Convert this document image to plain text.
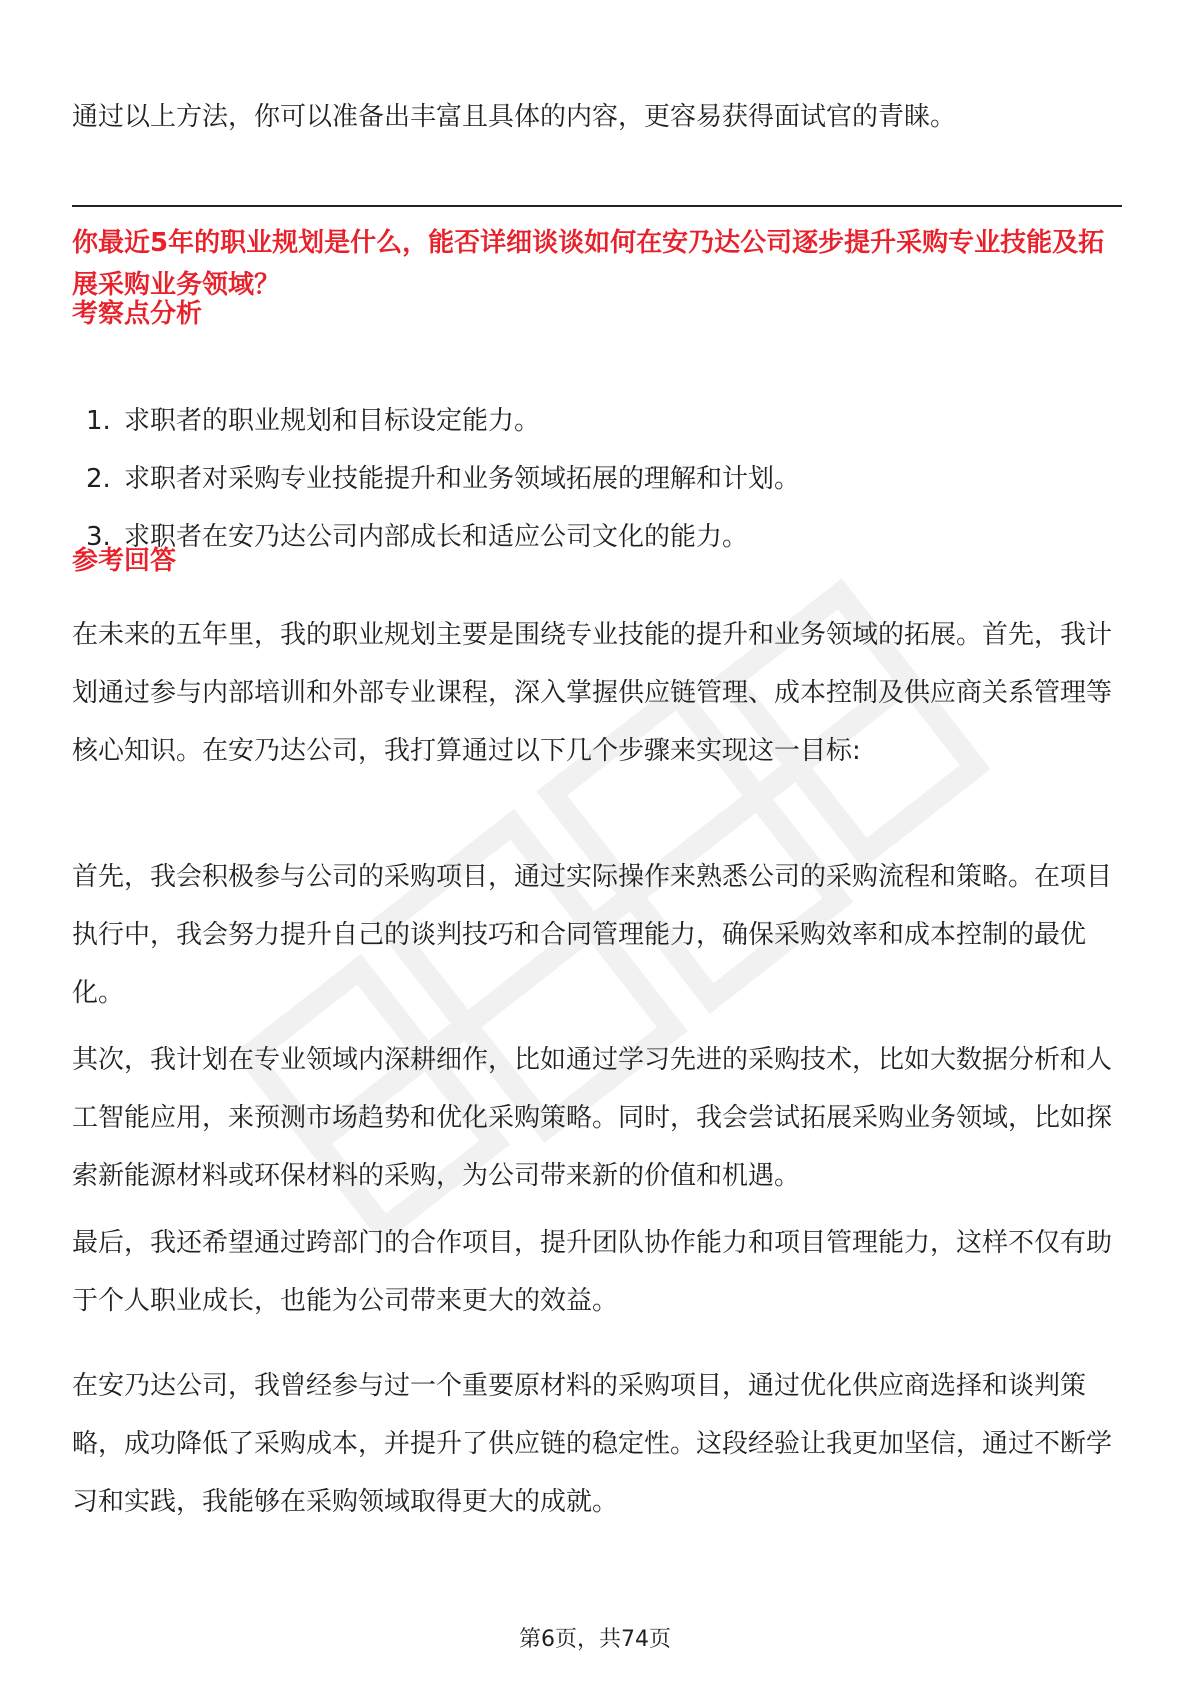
通过以上方法，你可以准备出丰富且具体的内容，更容易获得面试官的青睐。

你最近5年的职业规划是什么，能否详细谈谈如何在安乃达公司逐步提升采购专业技能及拓展采购业务领域？

考察点分析

1. 求职者的职业规划和目标设定能力。
2. 求职者对采购专业技能提升和业务领域拓展的理解和计划。
3. 求职者在安乃达公司内部成长和适应公司文化的能力。

参考回答

在未来的五年里，我的职业规划主要是围绕专业技能的提升和业务领域的拓展。首先，我计划通过参与内部培训和外部专业课程，深入掌握供应链管理、成本控制及供应商关系管理等核心知识。在安乃达公司，我打算通过以下几个步骤来实现这一目标:

首先，我会积极参与公司的采购项目，通过实际操作来熟悉公司的采购流程和策略。在项目执行中，我会努力提升自己的谈判技巧和合同管理能力，确保采购效率和成本控制的最优化。

其次，我计划在专业领域内深耕细作，比如通过学习先进的采购技术，比如大数据分析和人工智能应用，来预测市场趋势和优化采购策略。同时，我会尝试拓展采购业务领域，比如探索新能源材料或环保材料的采购，为公司带来新的价值和机遇。

最后，我还希望通过跨部门的合作项目，提升团队协作能力和项目管理能力，这样不仅有助于个人职业成长，也能为公司带来更大的效益。

在安乃达公司，我曾经参与过一个重要原材料的采购项目，通过优化供应商选择和谈判策略，成功降低了采购成本，并提升了供应链的稳定性。这段经验让我更加坚信，通过不断学习和实践，我能够在采购领域取得更大的成就。

第6页，共74页
